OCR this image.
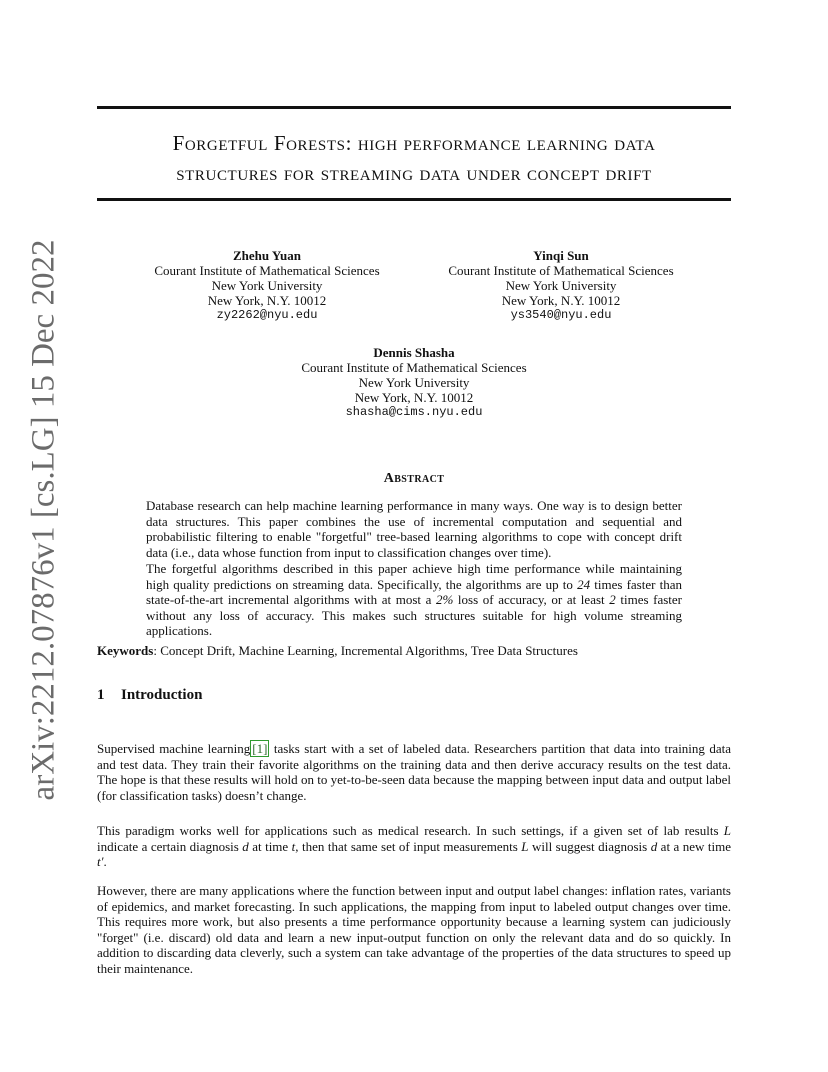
arXiv:2212.07876v1 [cs.LG] 15 Dec 2022
Forgetful Forests: high performance learning data
structures for streaming data under concept drift
Zhehu Yuan
Courant Institute of Mathematical Sciences
New York University
New York, N.Y. 10012
zy2262@nyu.edu
Yinqi Sun
Courant Institute of Mathematical Sciences
New York University
New York, N.Y. 10012
ys3540@nyu.edu
Dennis Shasha
Courant Institute of Mathematical Sciences
New York University
New York, N.Y. 10012
shasha@cims.nyu.edu
Abstract
Database research can help machine learning performance in many ways. One way is to design better data structures. This paper combines the use of incremental computation and sequential and probabilistic filtering to enable "forgetful" tree-based learning algorithms to cope with concept drift data (i.e., data whose function from input to classification changes over time).
The forgetful algorithms described in this paper achieve high time performance while maintaining high quality predictions on streaming data. Specifically, the algorithms are up to 24 times faster than state-of-the-art incremental algorithms with at most a 2% loss of accuracy, or at least 2 times faster without any loss of accuracy. This makes such structures suitable for high volume streaming applications.
Keywords: Concept Drift, Machine Learning, Incremental Algorithms, Tree Data Structures
1 Introduction
Supervised machine learning [1] tasks start with a set of labeled data. Researchers partition that data into training data and test data. They train their favorite algorithms on the training data and then derive accuracy results on the test data. The hope is that these results will hold on to yet-to-be-seen data because the mapping between input data and output label (for classification tasks) doesn’t change.
This paradigm works well for applications such as medical research. In such settings, if a given set of lab results L indicate a certain diagnosis d at time t, then that same set of input measurements L will suggest diagnosis d at a new time t′.
However, there are many applications where the function between input and output label changes: inflation rates, variants of epidemics, and market forecasting. In such applications, the mapping from input to labeled output changes over time. This requires more work, but also presents a time performance opportunity because a learning system can judiciously "forget" (i.e. discard) old data and learn a new input-output function on only the relevant data and do so quickly. In addition to discarding data cleverly, such a system can take advantage of the properties of the data structures to speed up their maintenance.
